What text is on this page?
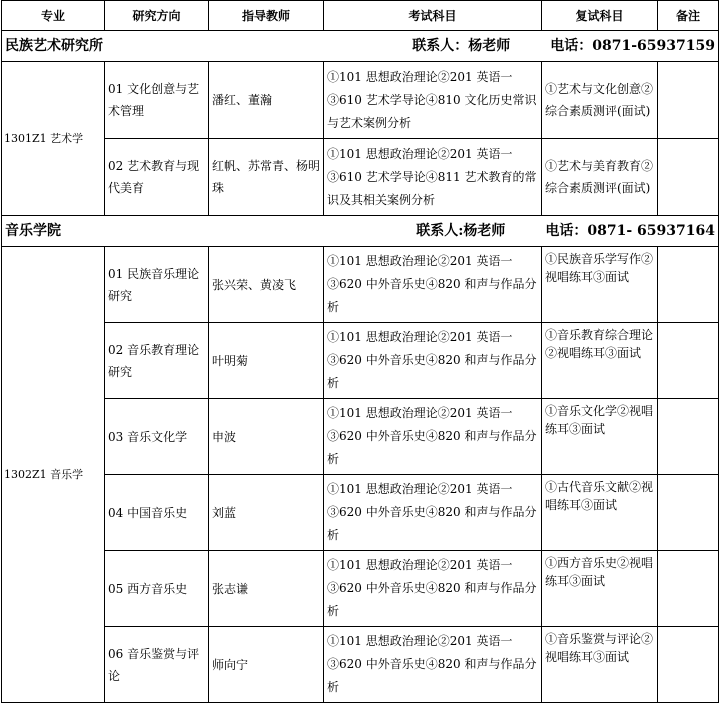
专业	研究方向	指导教师	考试科目	复试科目	备注

民族艺术研究所 联系人：杨老师 电话：0871-65937159					

1301Z1 艺术学	01 文化创意与艺术管理	潘红、董瀚	①101 思想政治理论②201 英语一③610 艺术学导论④810 文化历史常识与艺术案例分析	①艺术与文化创意②综合素质测评(面试)	
	02 艺术教育与现代美育	红帆、苏常青、杨明珠	①101 思想政治理论②201 英语一③610 艺术学导论④811 艺术教育的常识及其相关案例分析	①艺术与美育教育②综合素质测评(面试)	

音乐学院 联系人:杨老师 电话：0871- 65937164					

1302Z1 音乐学	01 民族音乐理论研究	张兴荣、黄凌飞	①101 思想政治理论②201 英语一③620 中外音乐史④820 和声与作品分析	①民族音乐学写作②视唱练耳③面试	
	02 音乐教育理论研究	叶明菊	①101 思想政治理论②201 英语一③620 中外音乐史④820 和声与作品分析	①音乐教育综合理论②视唱练耳③面试	
	03 音乐文化学	申波	①101 思想政治理论②201 英语一③620 中外音乐史④820 和声与作品分析	①音乐文化学②视唱练耳③面试	
	04 中国音乐史	刘蓝	①101 思想政治理论②201 英语一③620 中外音乐史④820 和声与作品分析	①古代音乐文献②视唱练耳③面试	
	05 西方音乐史	张志谦	①101 思想政治理论②201 英语一③620 中外音乐史④820 和声与作品分析	①西方音乐史②视唱练耳③面试	
	06 音乐鉴赏与评论	师向宁	①101 思想政治理论②201 英语一③620 中外音乐史④820 和声与作品分析	①音乐鉴赏与评论②视唱练耳③面试	
